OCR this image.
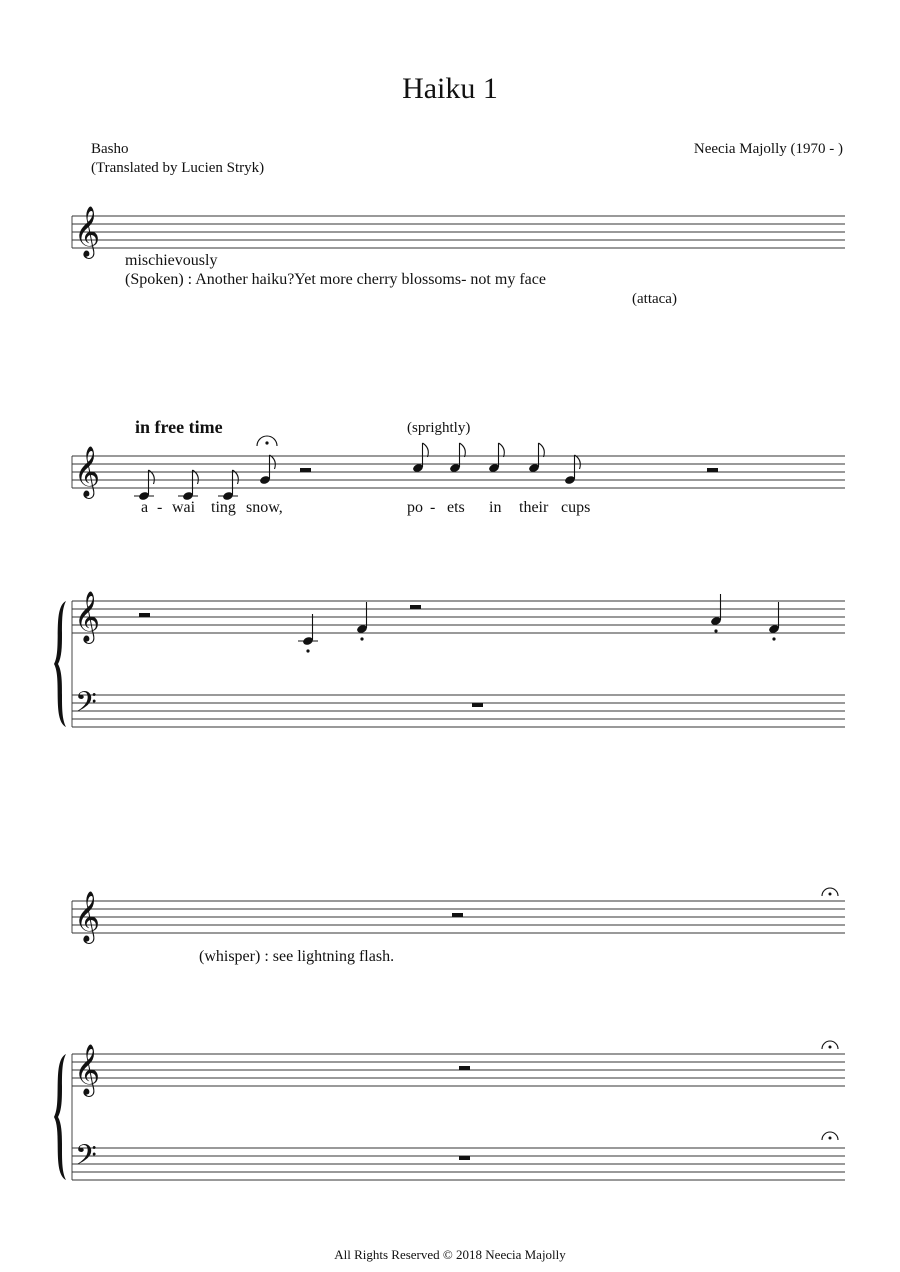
Haiku 1
Basho
(Translated by Lucien Stryk)
Neecia Majolly (1970 - )
𝄞
𝄞
𝄞
𝄢
𝄞
𝄞
𝄢
mischievously
(Spoken) : Another haiku?Yet more cherry blossoms- not my face
(attaca)
in free time	(sprightly)
a - wai ting snow,	po - ets in their cups
(whisper) : see lightning flash.
All Rights Reserved © 2018 Neecia Majolly
